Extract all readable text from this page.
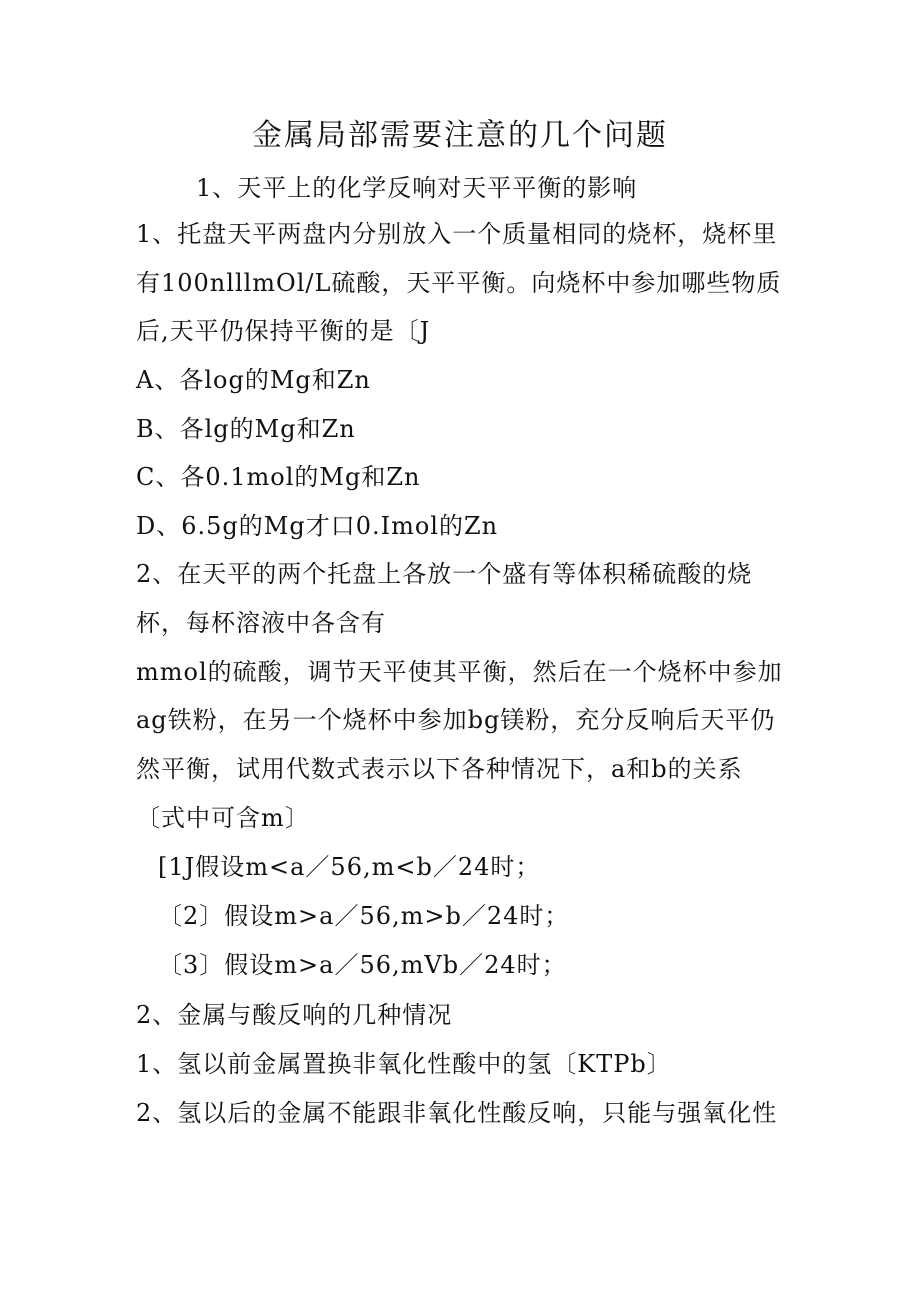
金属局部需要注意的几个问题
1、天平上的化学反响对天平平衡的影响
1、托盘天平两盘内分别放入一个质量相同的烧杯，烧杯里
有100nlllmOl/L硫酸，天平平衡。向烧杯中参加哪些物质
后,天平仍保持平衡的是〔J
A、各log的Mg和Zn
B、各lg的Mg和Zn
C、各0.1mol的Mg和Zn
D、6.5g的Mg才口0.Imol的Zn
2、在天平的两个托盘上各放一个盛有等体积稀硫酸的烧
杯，每杯溶液中各含有
mmol的硫酸，调节天平使其平衡，然后在一个烧杯中参加
ag铁粉，在另一个烧杯中参加bg镁粉，充分反响后天平仍
然平衡，试用代数式表示以下各种情况下，a和b的关系
〔式中可含m〕
[1J假设m<a／56,m<b／24时；
〔2〕假设m>a／56,m>b／24时；
〔3〕假设m>a／56,mVb／24时；
2、金属与酸反响的几种情况
1、氢以前金属置换非氧化性酸中的氢〔KTPb〕
2、氢以后的金属不能跟非氧化性酸反响，只能与强氧化性
